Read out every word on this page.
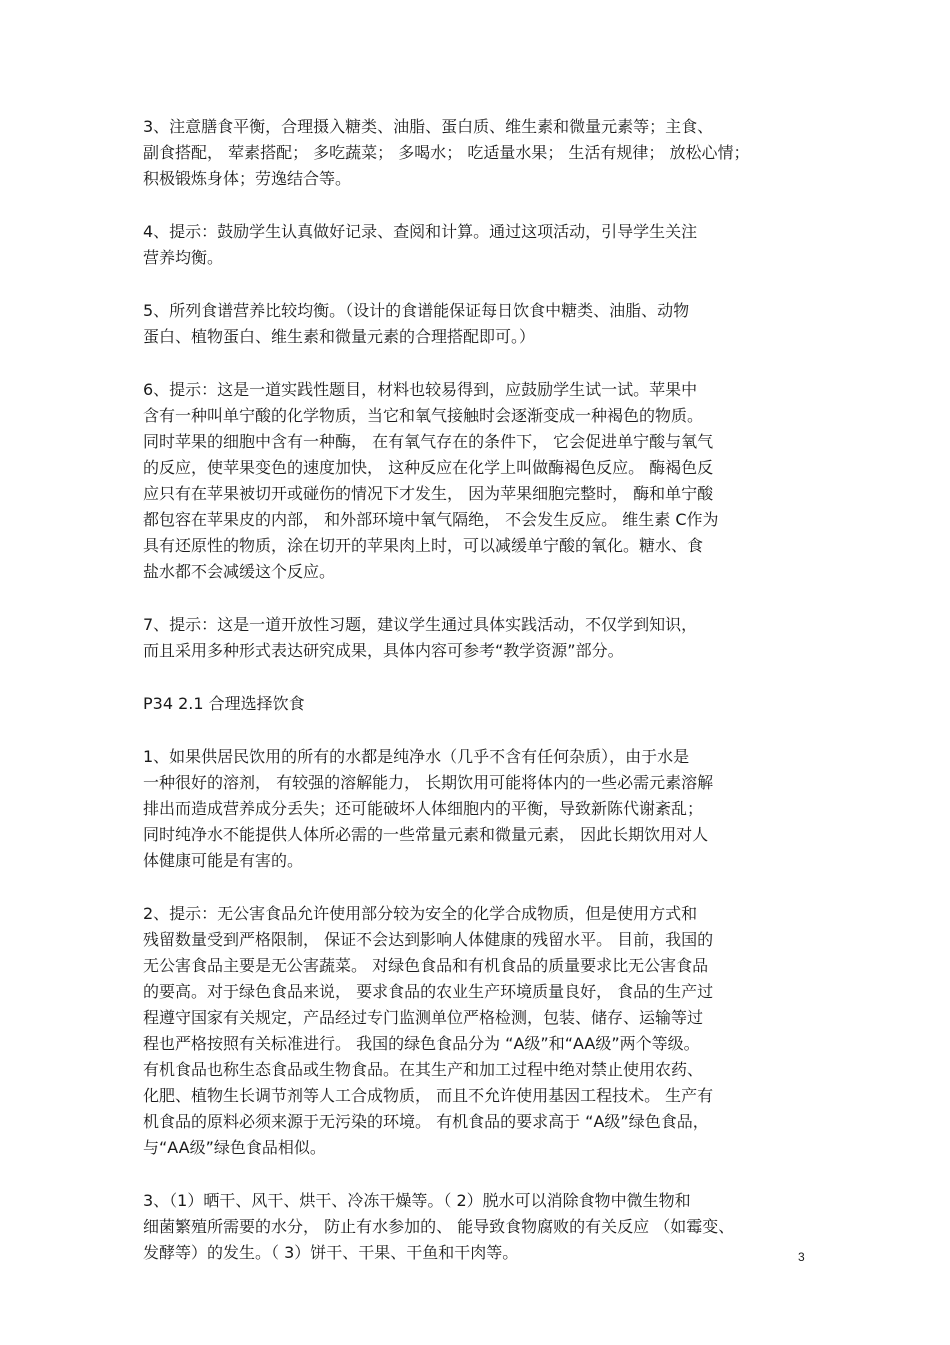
3、注意膳食平衡，合理摄入糖类、油脂、蛋白质、维生素和微量元素等；主食、
副食搭配， 荤素搭配； 多吃蔬菜； 多喝水； 吃适量水果； 生活有规律； 放松心情；
积极锻炼身体；劳逸结合等。

4、提示：鼓励学生认真做好记录、查阅和计算。通过这项活动，引导学生关注
营养均衡。

5、所列食谱营养比较均衡。（设计的食谱能保证每日饮食中糖类、油脂、动物
蛋白、植物蛋白、维生素和微量元素的合理搭配即可。）

6、提示：这是一道实践性题目，材料也较易得到，应鼓励学生试一试。苹果中
含有一种叫单宁酸的化学物质，当它和氧气接触时会逐渐变成一种褐色的物质。
同时苹果的细胞中含有一种酶， 在有氧气存在的条件下， 它会促进单宁酸与氧气
的反应，使苹果变色的速度加快， 这种反应在化学上叫做酶褐色反应。 酶褐色反
应只有在苹果被切开或碰伤的情况下才发生， 因为苹果细胞完整时， 酶和单宁酸
都包容在苹果皮的内部， 和外部环境中氧气隔绝， 不会发生反应。 维生素 C作为
具有还原性的物质，涂在切开的苹果肉上时，可以减缓单宁酸的氧化。糖水、食
盐水都不会减缓这个反应。

7、提示：这是一道开放性习题，建议学生通过具体实践活动，不仅学到知识，
而且采用多种形式表达研究成果，具体内容可参考“教学资源”部分。

P34 2.1 合理选择饮食

1、如果供居民饮用的所有的水都是纯净水（几乎不含有任何杂质），由于水是
一种很好的溶剂， 有较强的溶解能力， 长期饮用可能将体内的一些必需元素溶解
排出而造成营养成分丢失；还可能破坏人体细胞内的平衡，导致新陈代谢紊乱；
同时纯净水不能提供人体所必需的一些常量元素和微量元素， 因此长期饮用对人
体健康可能是有害的。

2、提示：无公害食品允许使用部分较为安全的化学合成物质，但是使用方式和
残留数量受到严格限制， 保证不会达到影响人体健康的残留水平。 目前，我国的
无公害食品主要是无公害蔬菜。 对绿色食品和有机食品的质量要求比无公害食品
的要高。对于绿色食品来说， 要求食品的农业生产环境质量良好， 食品的生产过
程遵守国家有关规定，产品经过专门监测单位严格检测，包装、储存、运输等过
程也严格按照有关标准进行。 我国的绿色食品分为 “A级”和“AA级”两个等级。
有机食品也称生态食品或生物食品。在其生产和加工过程中绝对禁止使用农药、
化肥、植物生长调节剂等人工合成物质， 而且不允许使用基因工程技术。 生产有
机食品的原料必须来源于无污染的环境。 有机食品的要求高于 “A级”绿色食品，
与“AA级”绿色食品相似。

3、（1）晒干、风干、烘干、冷冻干燥等。（ 2）脱水可以消除食物中微生物和
细菌繁殖所需要的水分， 防止有水参加的、 能导致食物腐败的有关反应 （如霉变、
发酵等）的发生。（ 3）饼干、干果、干鱼和干肉等。	3
